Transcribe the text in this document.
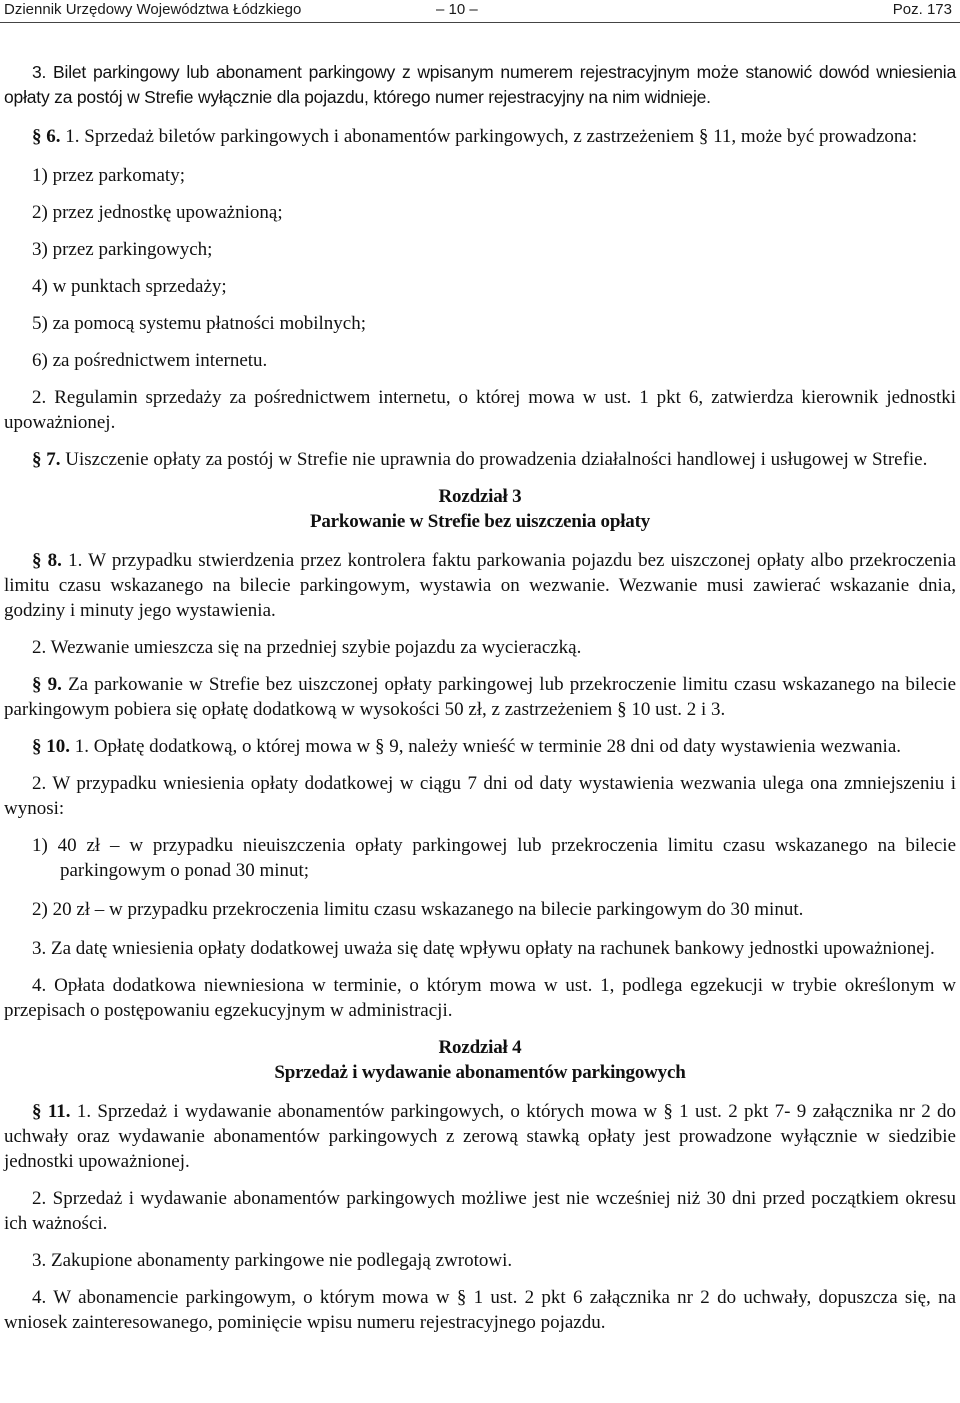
Dziennik Urzędowy Województwa Łódzkiego	– 10 –	Poz. 173

3. Bilet parkingowy lub abonament parkingowy z wpisanym numerem rejestracyjnym może stanowić dowód wniesienia opłaty za postój w Strefie wyłącznie dla pojazdu, którego numer rejestracyjny na nim widnieje.

§ 6. 1. Sprzedaż biletów parkingowych i abonamentów parkingowych, z zastrzeżeniem § 11, może być prowadzona:

1) przez parkomaty;

2) przez jednostkę upoważnioną;

3) przez parkingowych;

4) w punktach sprzedaży;

5) za pomocą systemu płatności mobilnych;

6) za pośrednictwem internetu.

2. Regulamin sprzedaży za pośrednictwem internetu, o której mowa w ust. 1 pkt 6, zatwierdza kierownik jednostki upoważnionej.

§ 7. Uiszczenie opłaty za postój w Strefie nie uprawnia do prowadzenia działalności handlowej i usługowej w Strefie.

Rozdział 3
Parkowanie w Strefie bez uiszczenia opłaty

§ 8. 1. W przypadku stwierdzenia przez kontrolera faktu parkowania pojazdu bez uiszczonej opłaty albo przekroczenia limitu czasu wskazanego na bilecie parkingowym, wystawia on wezwanie. Wezwanie musi zawierać wskazanie dnia, godziny i minuty jego wystawienia.

2. Wezwanie umieszcza się na przedniej szybie pojazdu za wycieraczką.

§ 9. Za parkowanie w Strefie bez uiszczonej opłaty parkingowej lub przekroczenie limitu czasu wskazanego na bilecie parkingowym pobiera się opłatę dodatkową w wysokości 50 zł, z zastrzeżeniem § 10 ust. 2 i 3.

§ 10. 1. Opłatę dodatkową, o której mowa w § 9, należy wnieść w terminie 28 dni od daty wystawienia wezwania.

2. W przypadku wniesienia opłaty dodatkowej w ciągu 7 dni od daty wystawienia wezwania ulega ona zmniejszeniu i wynosi:

1) 40 zł – w przypadku nieuiszczenia opłaty parkingowej lub przekroczenia limitu czasu wskazanego na bilecie parkingowym o ponad 30 minut;

2) 20 zł – w przypadku przekroczenia limitu czasu wskazanego na bilecie parkingowym do 30 minut.

3. Za datę wniesienia opłaty dodatkowej uważa się datę wpływu opłaty na rachunek bankowy jednostki upoważnionej.

4. Opłata dodatkowa niewniesiona w terminie, o którym mowa w ust. 1, podlega egzekucji w trybie określonym w przepisach o postępowaniu egzekucyjnym w administracji.

Rozdział 4
Sprzedaż i wydawanie abonamentów parkingowych

§ 11. 1. Sprzedaż i wydawanie abonamentów parkingowych, o których mowa w § 1 ust. 2 pkt 7- 9 załącznika nr 2 do uchwały oraz wydawanie abonamentów parkingowych z zerową stawką opłaty jest prowadzone wyłącznie w siedzibie jednostki upoważnionej.

2. Sprzedaż i wydawanie abonamentów parkingowych możliwe jest nie wcześniej niż 30 dni przed początkiem okresu ich ważności.

3. Zakupione abonamenty parkingowe nie podlegają zwrotowi.

4. W abonamencie parkingowym, o którym mowa w § 1 ust. 2 pkt 6 załącznika nr 2 do uchwały, dopuszcza się, na wniosek zainteresowanego, pominięcie wpisu numeru rejestracyjnego pojazdu.
